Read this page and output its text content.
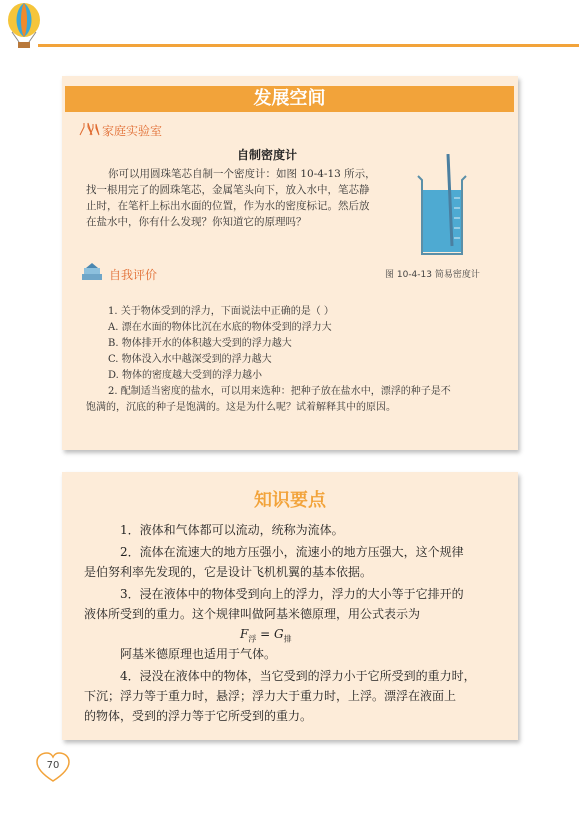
发展空间
家庭实验室
自制密度计

你可以用圆珠笔芯自制一个密度计：如图 10-4-13 所示，

找一根用完了的圆珠笔芯，金属笔头向下，放入水中，笔芯静

止时，在笔杆上标出水面的位置，作为水的密度标记。然后放

在盐水中，你有什么发现？你知道它的原理吗？

图 10-4-13 简易密度计
自我评价

1. 关于物体受到的浮力，下面说法中正确的是（ ）

A. 漂在水面的物体比沉在水底的物体受到的浮力大

B. 物体排开水的体积越大受到的浮力越大

C. 物体没入水中越深受到的浮力越大

D. 物体的密度越大受到的浮力越小

2. 配制适当密度的盐水，可以用来选种：把种子放在盐水中，漂浮的种子是不

饱满的，沉底的种子是饱满的。这是为什么呢？试着解释其中的原因。

知识要点

1．液体和气体都可以流动，统称为流体。

2．流体在流速大的地方压强小，流速小的地方压强大，这个规律

是伯努利率先发现的，它是设计飞机机翼的基本依据。

3．浸在液体中的物体受到向上的浮力，浮力的大小等于它排开的

液体所受到的重力。这个规律叫做阿基米德原理，用公式表示为

$F_浮 = G_排$

阿基米德原理也适用于气体。

4．浸没在液体中的物体，当它受到的浮力小于它所受到的重力时，

下沉；浮力等于重力时，悬浮；浮力大于重力时，上浮。漂浮在液面上

的物体，受到的浮力等于它所受到的重力。

70
